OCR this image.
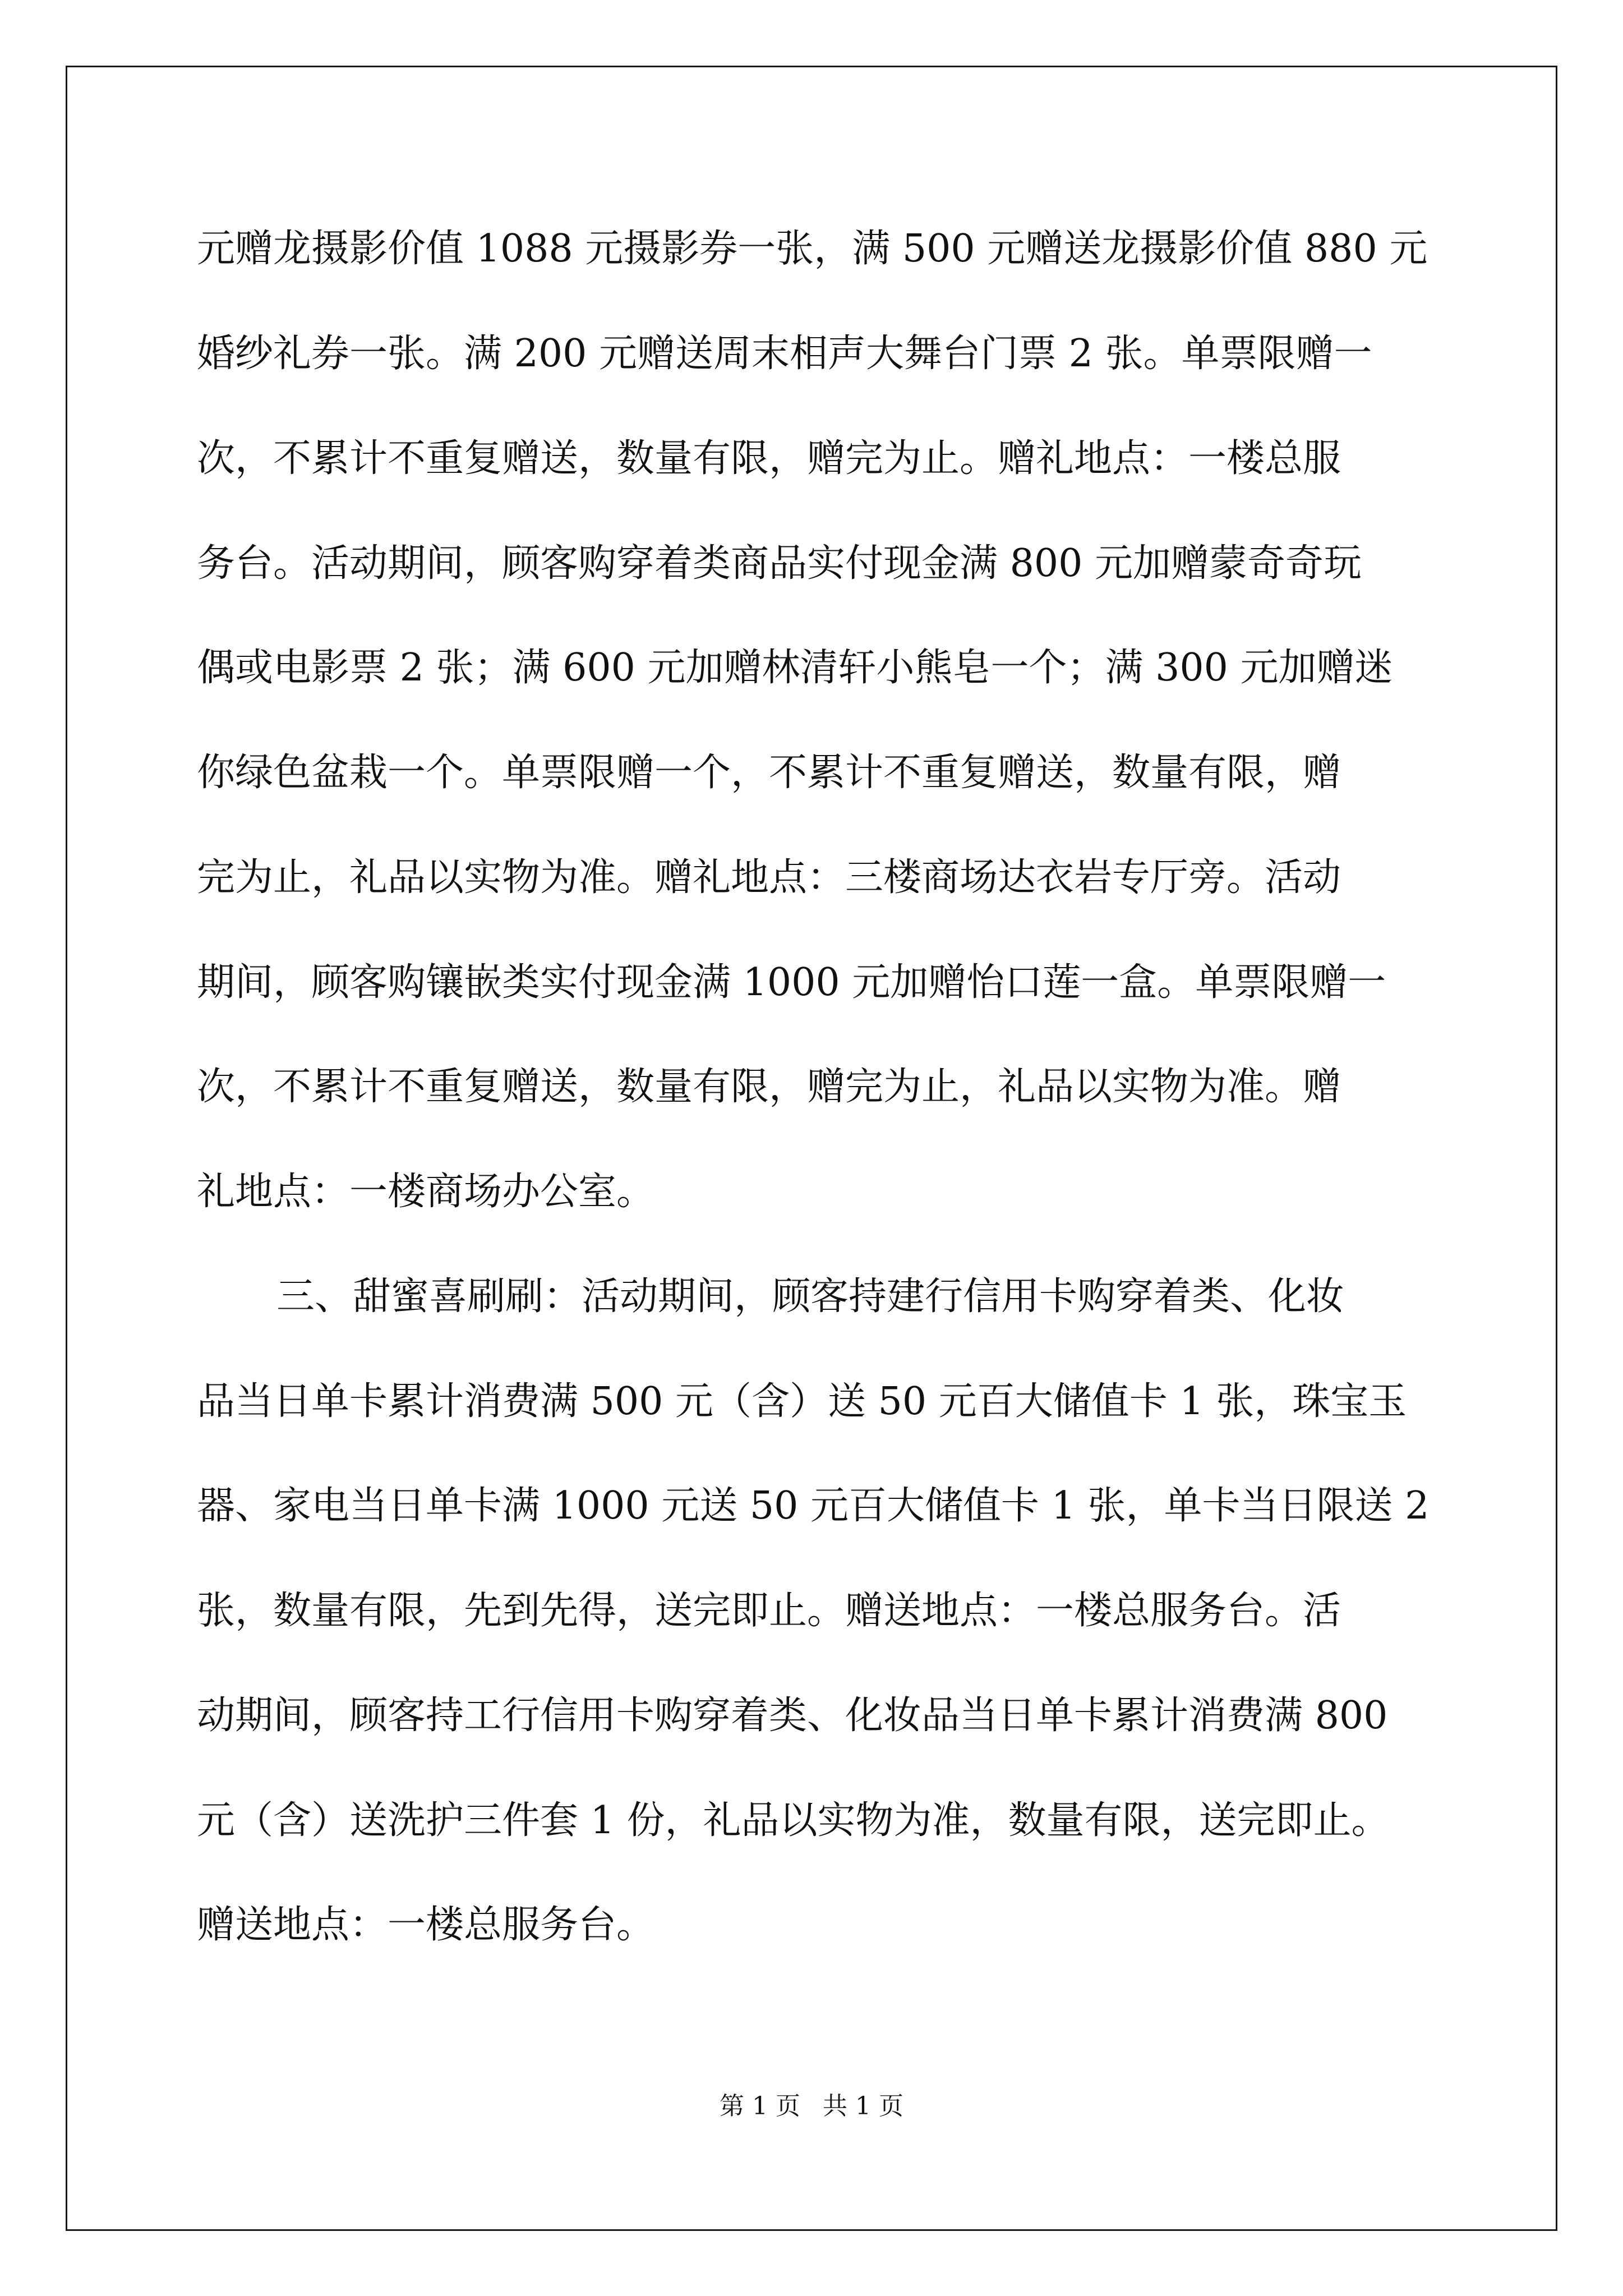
元赠龙摄影价值 1088 元摄影券一张，满 500 元赠送龙摄影价值 880 元
婚纱礼券一张。满 200 元赠送周末相声大舞台门票 2 张。单票限赠一
次，不累计不重复赠送，数量有限，赠完为止。赠礼地点：一楼总服
务台。活动期间，顾客购穿着类商品实付现金满 800 元加赠蒙奇奇玩
偶或电影票 2 张；满 600 元加赠林清轩小熊皂一个；满 300 元加赠迷
你绿色盆栽一个。单票限赠一个，不累计不重复赠送，数量有限，赠
完为止，礼品以实物为准。赠礼地点：三楼商场达衣岩专厅旁。活动
期间，顾客购镶嵌类实付现金满 1000 元加赠怡口莲一盒。单票限赠一
次，不累计不重复赠送，数量有限，赠完为止，礼品以实物为准。赠
礼地点：一楼商场办公室。
三、甜蜜喜刷刷：活动期间，顾客持建行信用卡购穿着类、化妆
品当日单卡累计消费满 500 元（含）送 50 元百大储值卡 1 张，珠宝玉
器、家电当日单卡满 1000 元送 50 元百大储值卡 1 张，单卡当日限送 2
张，数量有限，先到先得，送完即止。赠送地点：一楼总服务台。活
动期间，顾客持工行信用卡购穿着类、化妆品当日单卡累计消费满 800
元（含）送洗护三件套 1 份，礼品以实物为准，数量有限，送完即止。
赠送地点：一楼总服务台。
第 1 页 共 1 页
